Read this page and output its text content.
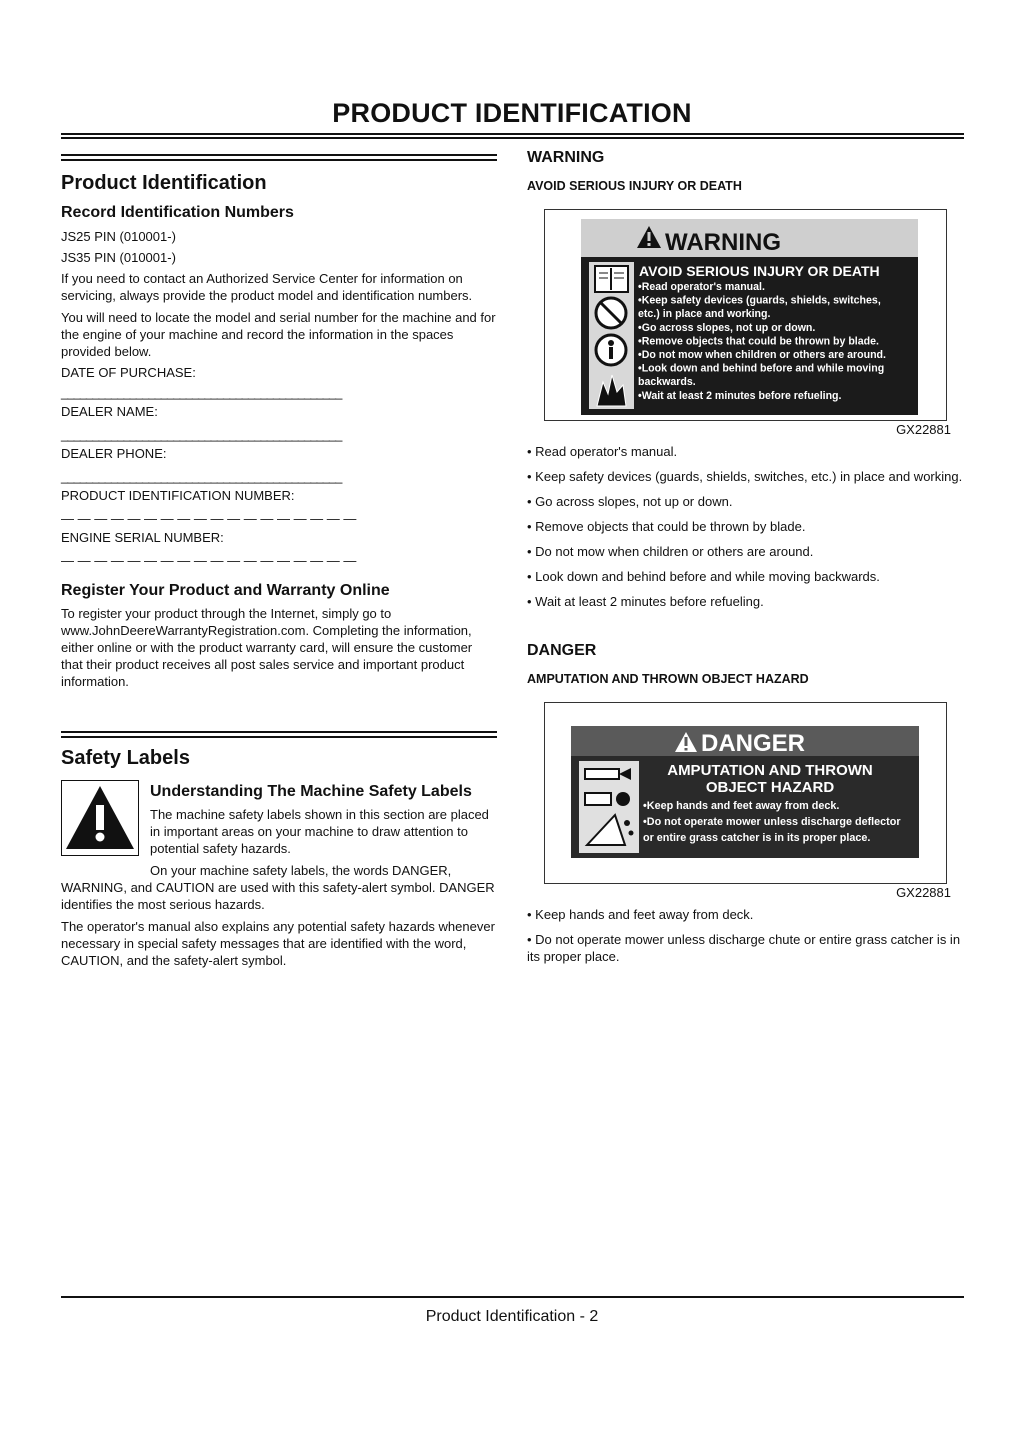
PRODUCT IDENTIFICATION
Product Identification
Record Identification Numbers

JS25 PIN (010001-)

JS35 PIN (010001-)

If you need to contact an Authorized Service Center for information on servicing, always provide the product model and identification numbers.

You will need to locate the model and serial number for the machine and for the engine of your machine and record the information in the spaces provided below.

DATE OF PURCHASE:

_____________________________________________

DEALER NAME:

_____________________________________________

DEALER PHONE:

_____________________________________________

PRODUCT IDENTIFICATION NUMBER:

— — — — — — — — — — — — — — — — — —

ENGINE SERIAL NUMBER:

— — — — — — — — — — — — — — — — — —
Register Your Product and Warranty Online

To register your product through the Internet, simply go to www.JohnDeereWarrantyRegistration.com. Completing the information, either online or with the product warranty card, will ensure the customer that their product receives all post sales service and important product information.

Safety Labels
Understanding The Machine Safety Labels

The machine safety labels shown in this section are placed in important areas on your machine to draw attention to potential safety hazards.

On your machine safety labels, the words DANGER,

WARNING, and CAUTION are used with this safety-alert symbol. DANGER identifies the most serious hazards.

The operator's manual also explains any potential safety hazards whenever necessary in special safety messages that are identified with the word, CAUTION, and the safety-alert symbol.

WARNING
AVOID SERIOUS INJURY OR DEATH
WARNING
AVOID SERIOUS INJURY OR DEATH
•Read operator's manual.
•Keep safety devices (guards, shields, switches,
etc.) in place and working.
•Go across slopes, not up or down.
•Remove objects that could be thrown by blade.
•Do not mow when children or others are around.
•Look down and behind before and while moving
backwards.
•Wait at least 2 minutes before refueling.
GX22881
• Read operator's manual.
• Keep safety devices (guards, shields, switches, etc.) in place and working.
• Go across slopes, not up or down.
• Remove objects that could be thrown by blade.
• Do not mow when children or others are around.
• Look down and behind before and while moving backwards.
• Wait at least 2 minutes before refueling.
DANGER
AMPUTATION AND THROWN OBJECT HAZARD
DANGER
AMPUTATION AND THROWN
OBJECT HAZARD
•Keep hands and feet away from deck.
•Do not operate mower unless discharge deflector
or entire grass catcher is in its proper place.
GX22881
• Keep hands and feet away from deck.
• Do not operate mower unless discharge chute or entire grass catcher is in its proper place.
Product Identification - 2
